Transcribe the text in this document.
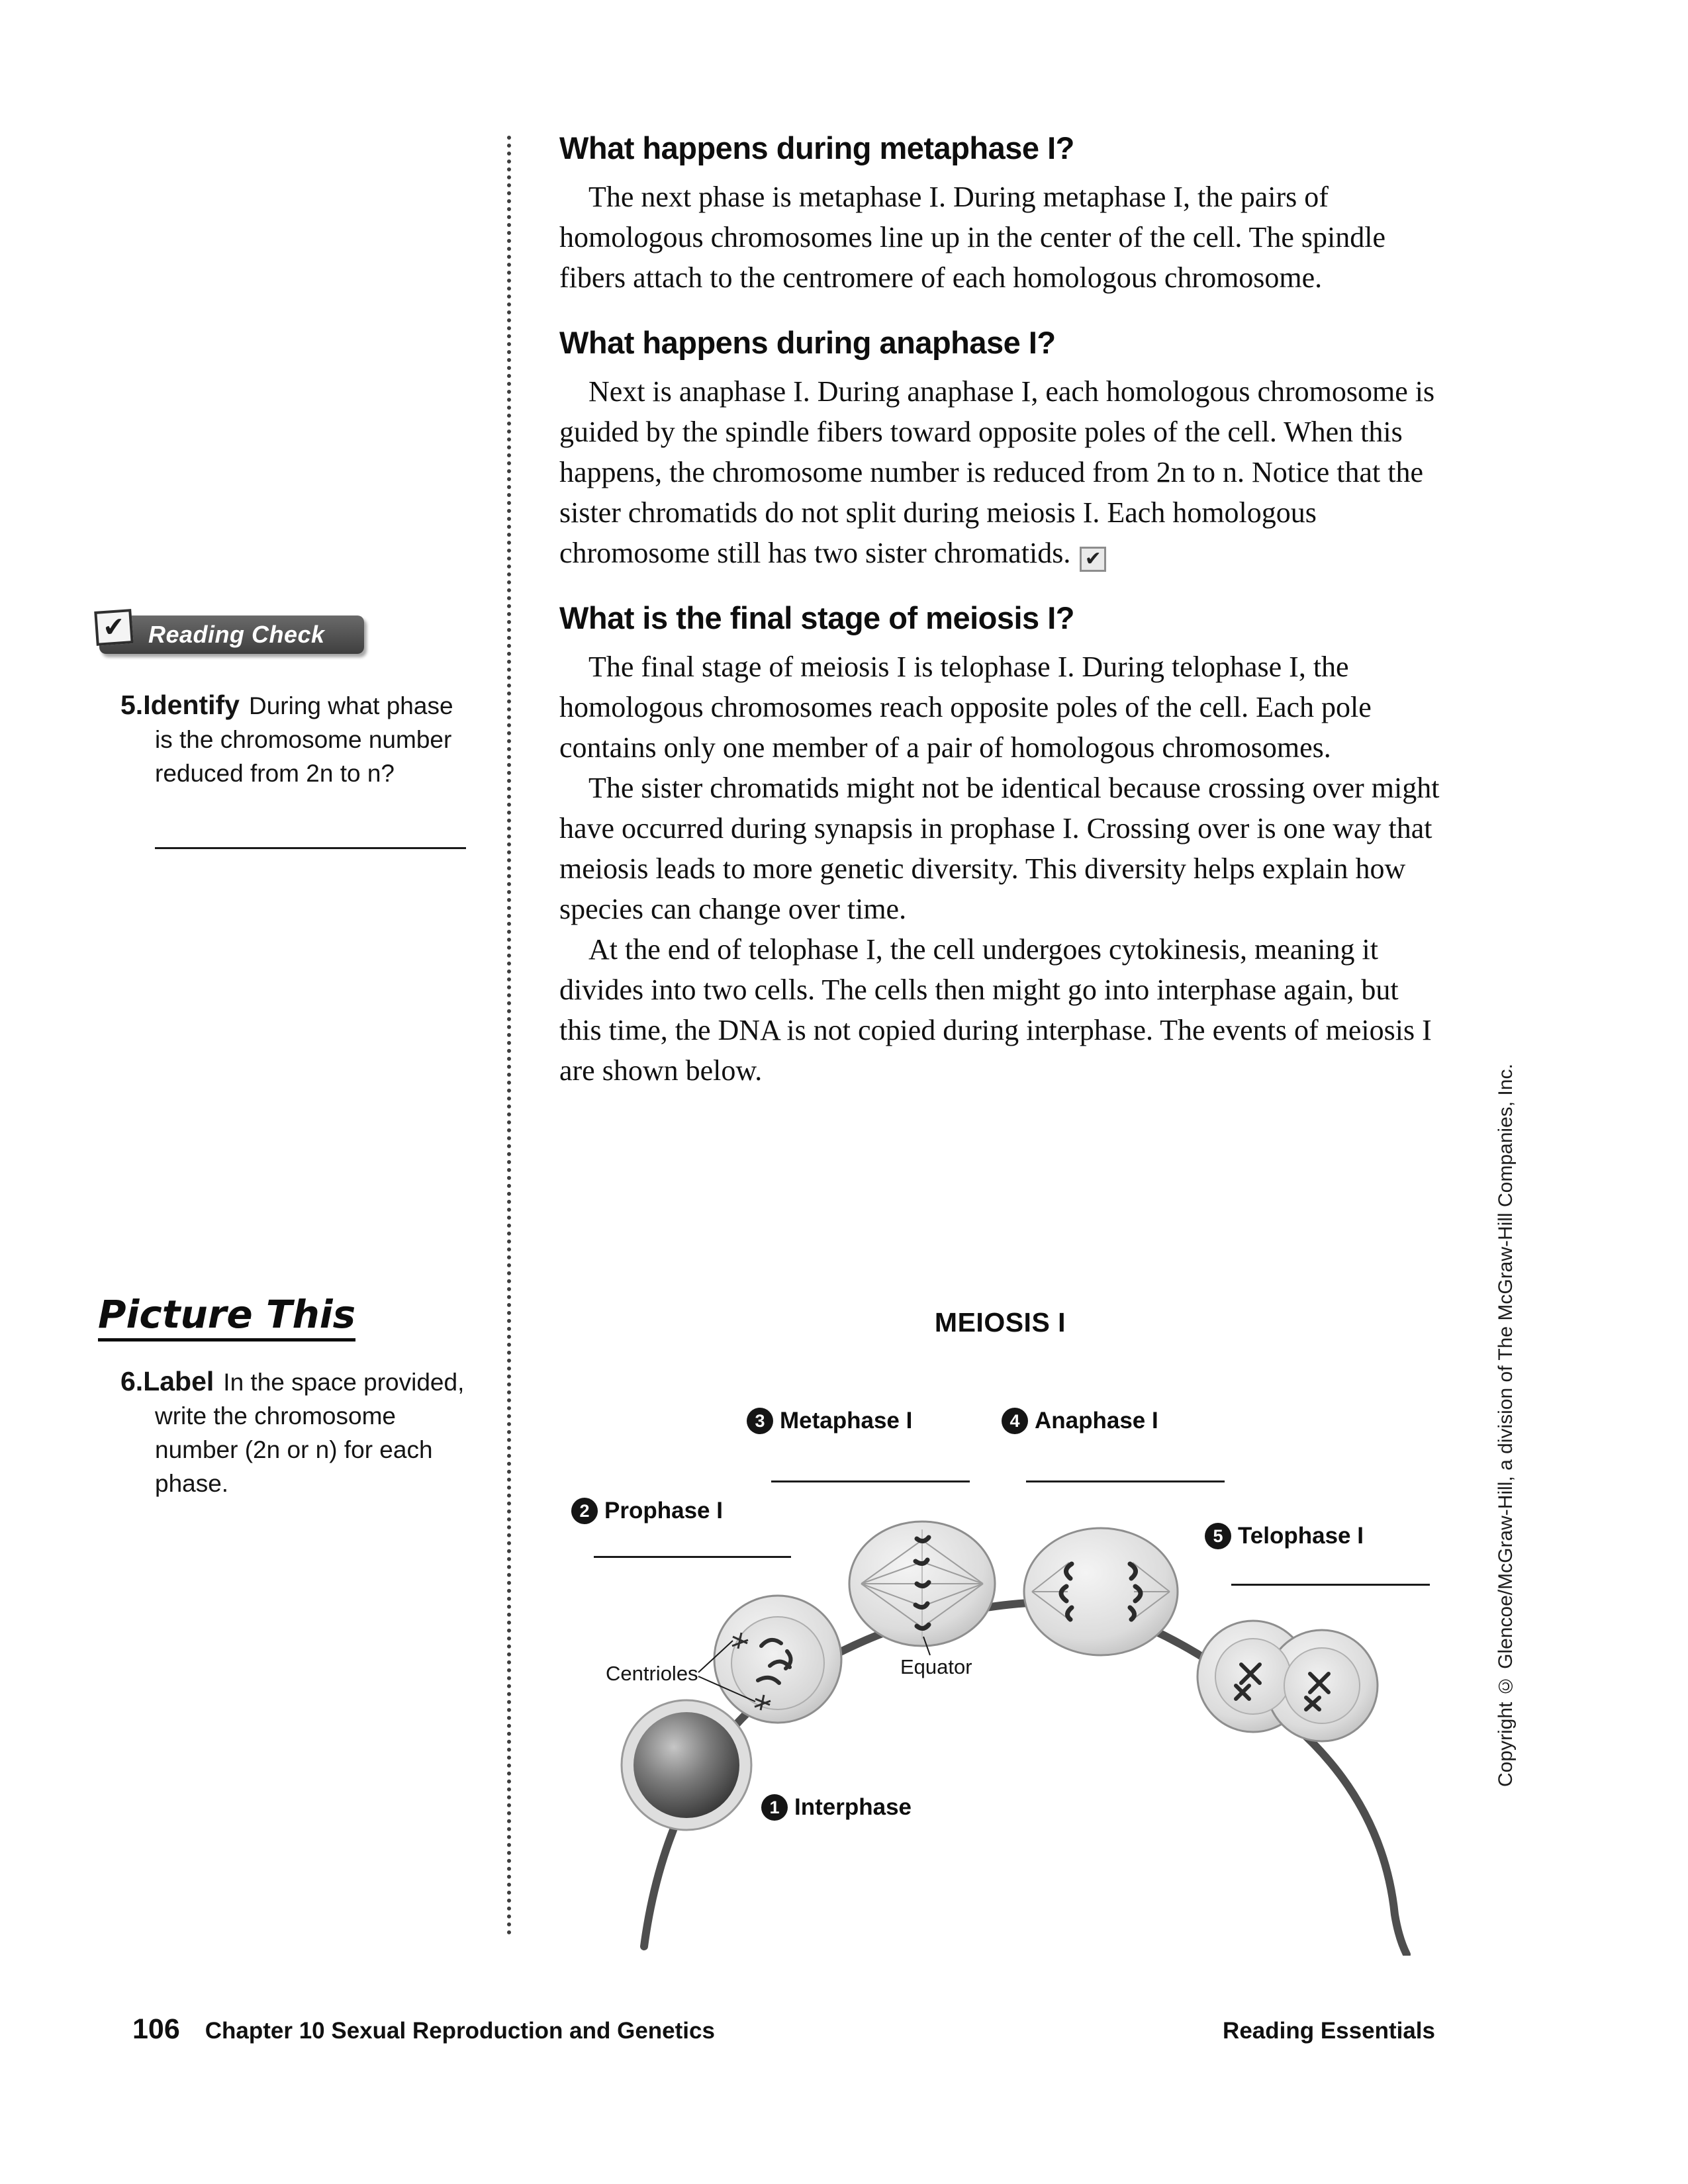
What happens during metaphase I?

The next phase is metaphase I. During metaphase I, the pairs of homologous chromosomes line up in the center of the cell. The spindle fibers attach to the centromere of each homologous chromosome.

What happens during anaphase I?

Next is anaphase I. During anaphase I, each homologous chromosome is guided by the spindle fibers toward opposite poles of the cell. When this happens, the chromosome number is reduced from 2n to n. Notice that the sister chromatids do not split during meiosis I. Each homologous chromosome still has two sister chromatids. ✔

What is the final stage of meiosis I?

The final stage of meiosis I is telophase I. During telophase I, the homologous chromosomes reach opposite poles of the cell. Each pole contains only one member of a pair of homologous chromosomes.

The sister chromatids might not be identical because crossing over might have occurred during synapsis in prophase I. Crossing over is one way that meiosis leads to more genetic diversity. This diversity helps explain how species can change over time.

At the end of telophase I, the cell undergoes cytokinesis, meaning it divides into two cells. The cells then might go into interphase again, but this time, the DNA is not copied during interphase. The events of meiosis I are shown below.

✔ Reading Check
5.Identify During what phase is the chromosome number reduced from 2n to n?
Picture This
6.Label In the space provided, write the chromosome number (2n or n) for each phase.
MEIOSIS I
3 Metaphase I	4 Anaphase I
2 Prophase I
5 Telophase I
1 Interphase
Centrioles	Equator	Copyright © Glencoe/McGraw-Hill, a division of The McGraw-Hill Companies, Inc.
106 Chapter 10 Sexual Reproduction and Genetics	Reading Essentials
